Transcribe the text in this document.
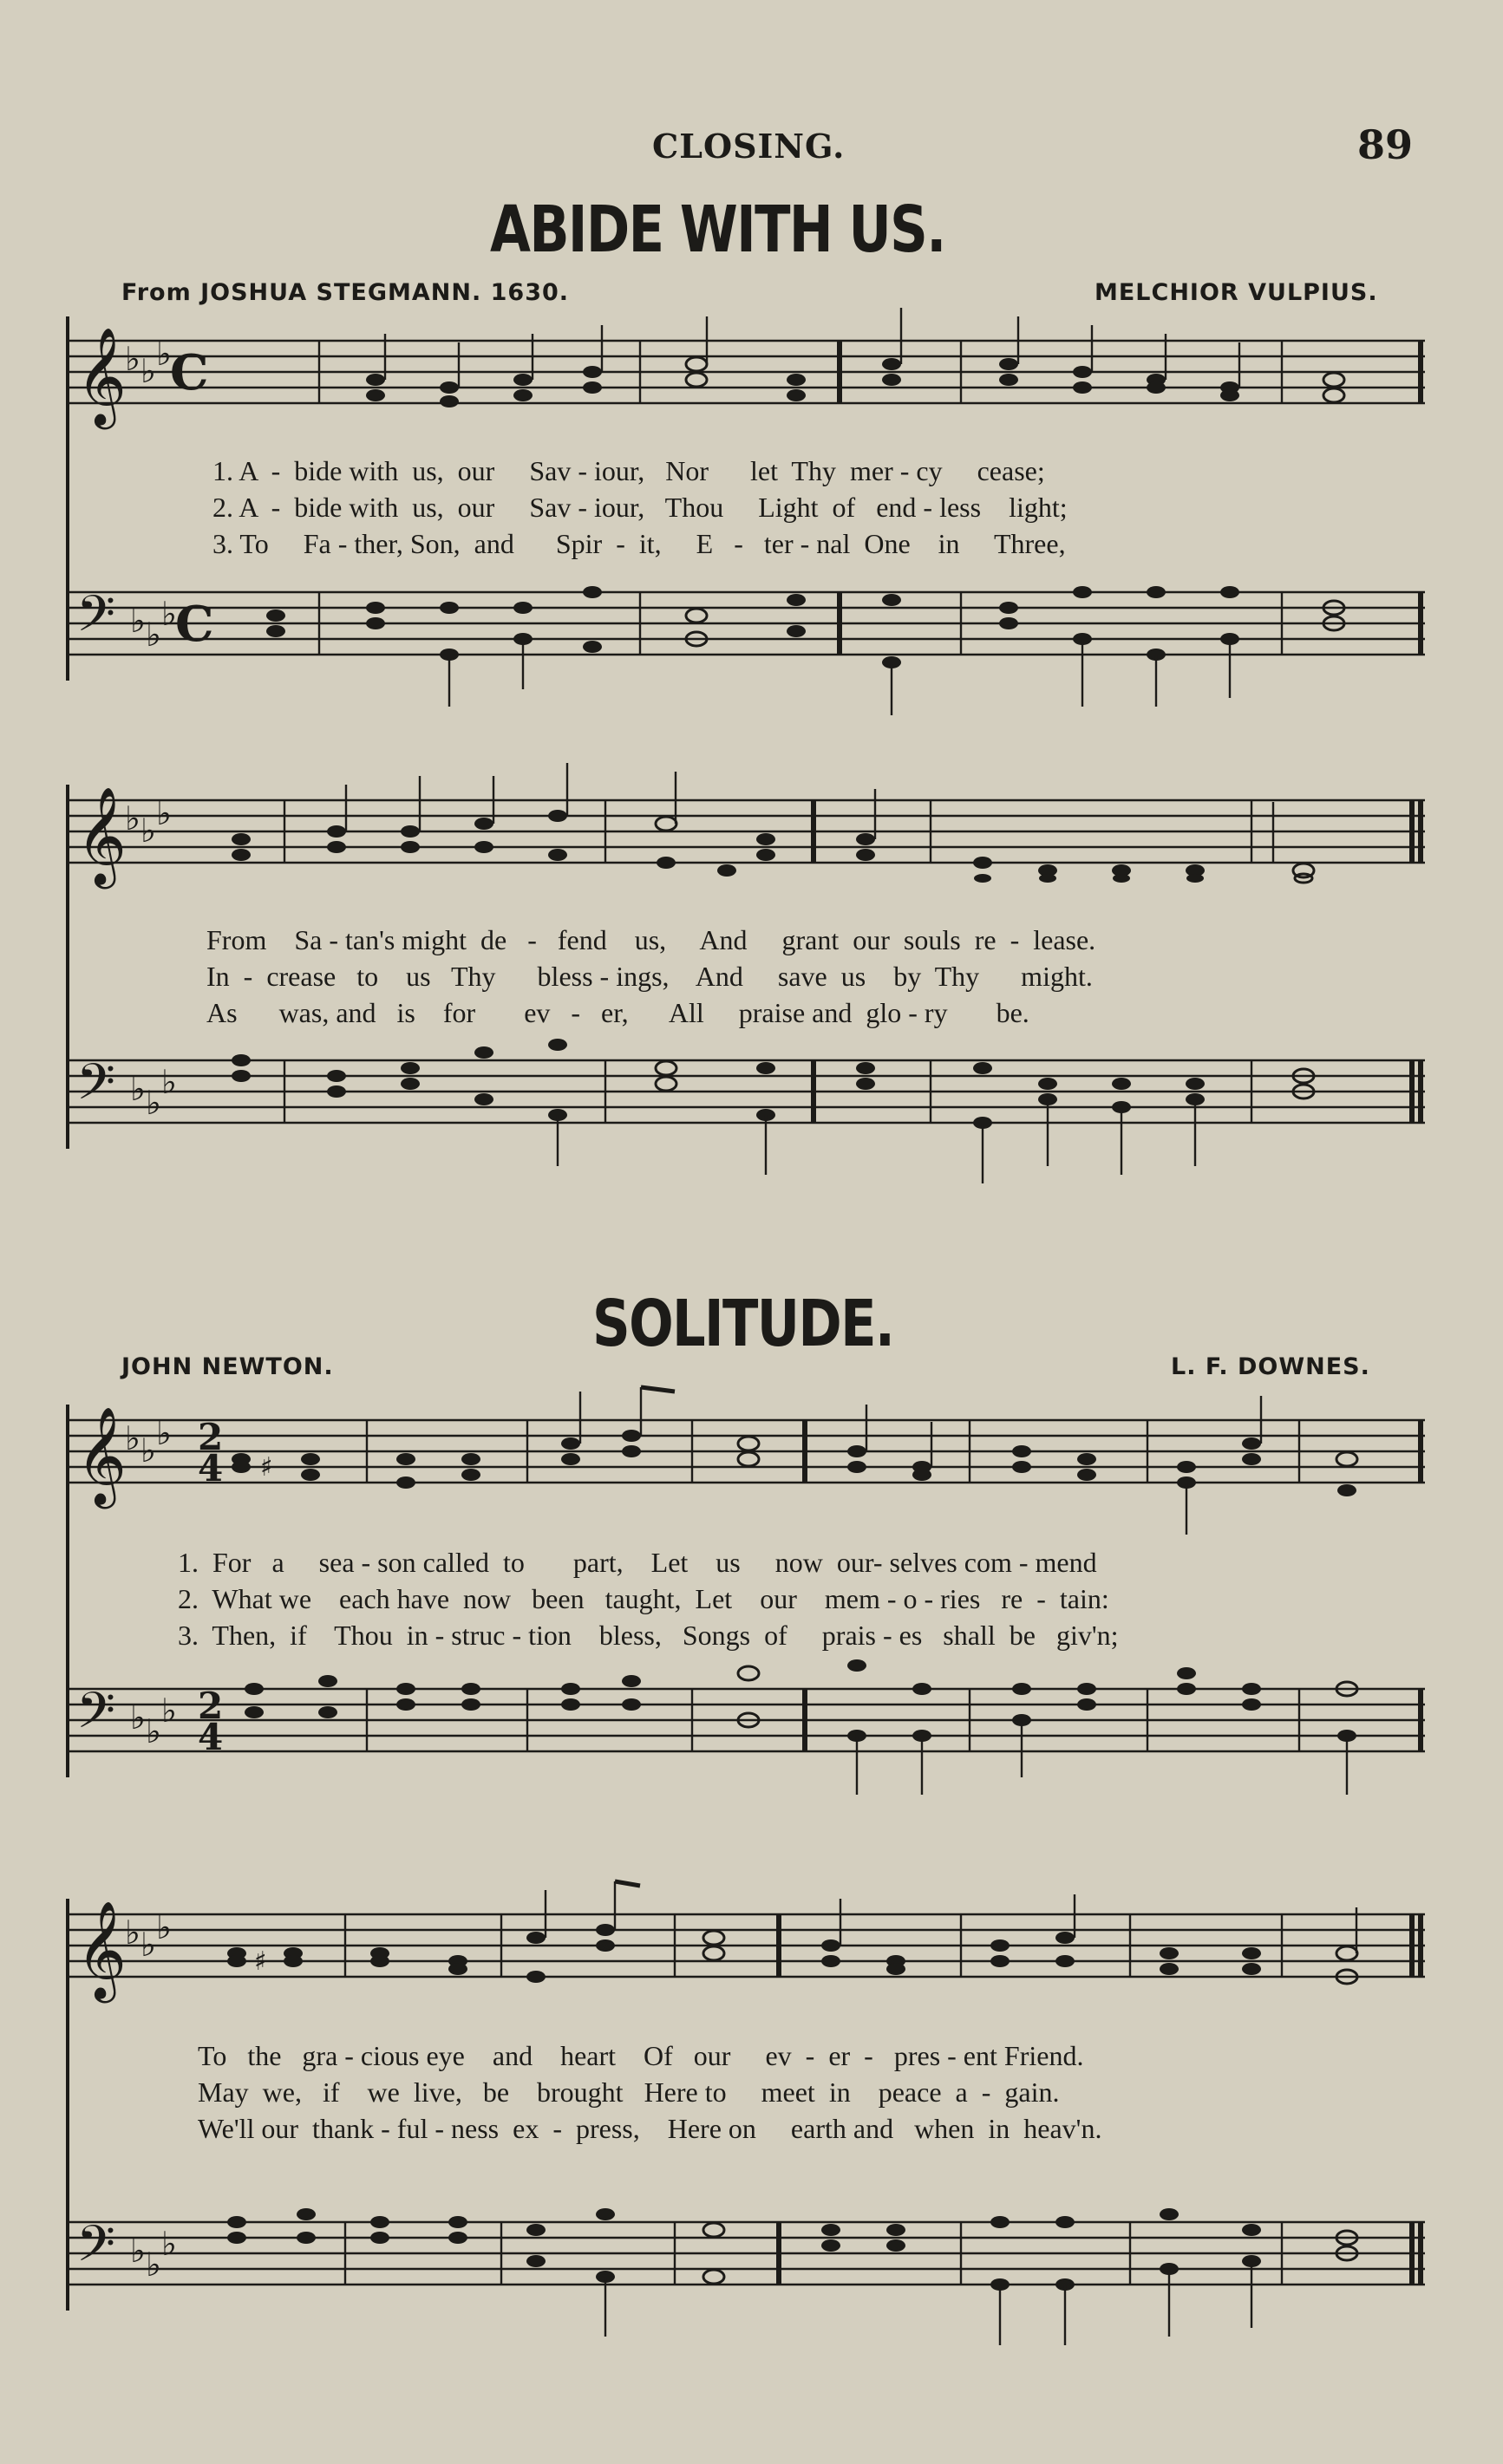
CLOSING.	89
ABIDE WITH US.
From JOSHUA STEGMANN. 1630.	MELCHIOR VULPIUS.
𝄞
♭ ♭ ♭
C
1. A  -  bide with  us,  our     Sav - iour,   Nor      let  Thy  mer - cy     cease;
2. A  -  bide with  us,  our     Sav - iour,   Thou     Light  of   end - less    light;
3. To     Fa - ther, Son,  and      Spir  -  it,     E   -   ter - nal  One    in     Three,
𝄢 ♭ ♭
♭
C
𝄞
♭ ♭ ♭
From    Sa - tan's might  de   -   fend    us,     And     grant  our  souls  re  -  lease.
In  -  crease   to    us   Thy      bless - ings,    And     save  us    by  Thy      might.
As      was, and   is    for       ev   -   er,      All     praise and  glo - ry       be.
𝄢 ♭ ♭
♭
SOLITUDE.
JOHN NEWTON.	L. F. DOWNES.
𝄞
♭ ♭ ♭ 2
4 ♯
1.  For   a     sea - son called  to       part,    Let    us     now  our- selves com - mend
2.  What we    each have  now   been   taught,  Let    our    mem - o - ries   re  -  tain:
3.  Then,  if    Thou  in - struc - tion    bless,   Songs  of     prais - es   shall  be   giv'n;
𝄢 ♭ ♭
♭ 2
4
𝄞
♭ ♭ ♭
♯
To   the   gra - cious eye    and    heart    Of   our     ev  -  er  -   pres - ent Friend.
May  we,   if    we  live,   be    brought   Here to     meet  in    peace  a  -  gain.
We'll our  thank - ful - ness  ex  -  press,    Here on     earth and   when  in  heav'n.
𝄢 ♭ ♭
♭
